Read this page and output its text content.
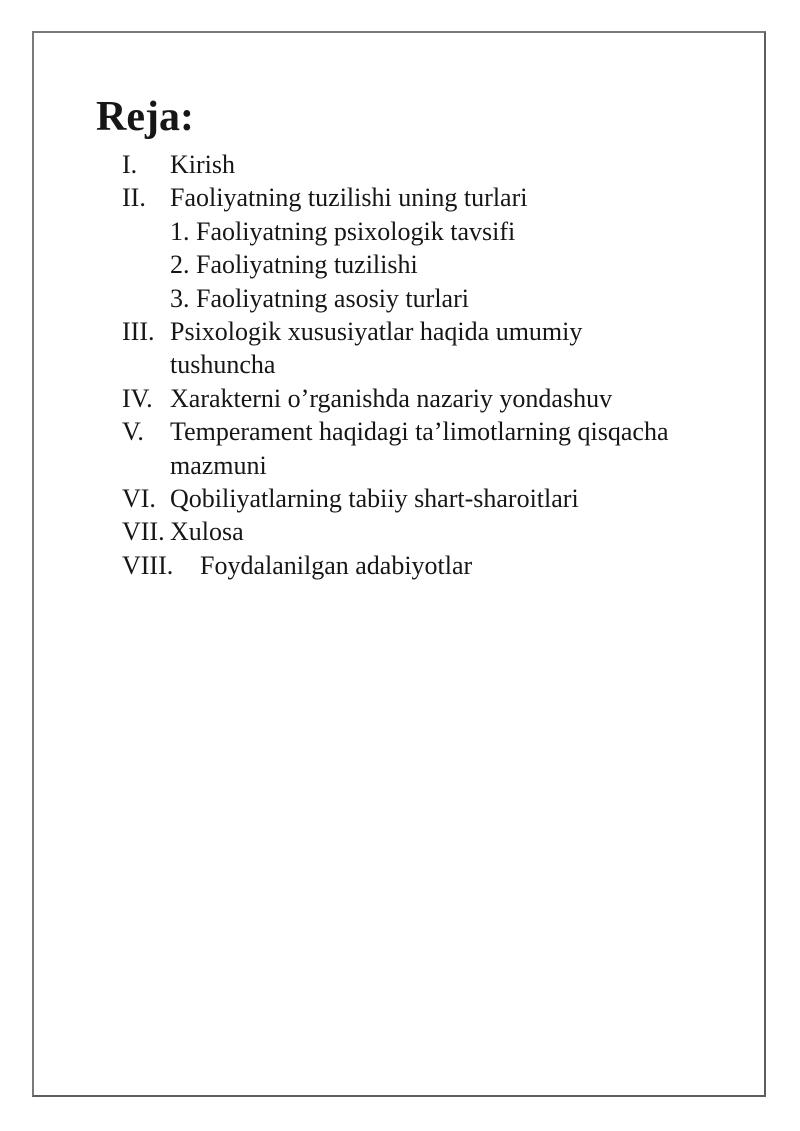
Reja:
I.	Kirish
II. Faoliyatning tuzilishi uning turlari
1. Faoliyatning psixologik tavsifi
2. Faoliyatning tuzilishi
3. Faoliyatning asosiy turlari
III. Psixologik xususiyatlar haqida umumiy tushuncha
IV. Xarakterni o’rganishda nazariy yondashuv
V.	Temperament haqidagi ta’limotlarning qisqacha mazmuni
VI. Qobiliyatlarning tabiiy shart-sharoitlari
VII. Xulosa
VIII.	Foydalanilgan adabiyotlar
